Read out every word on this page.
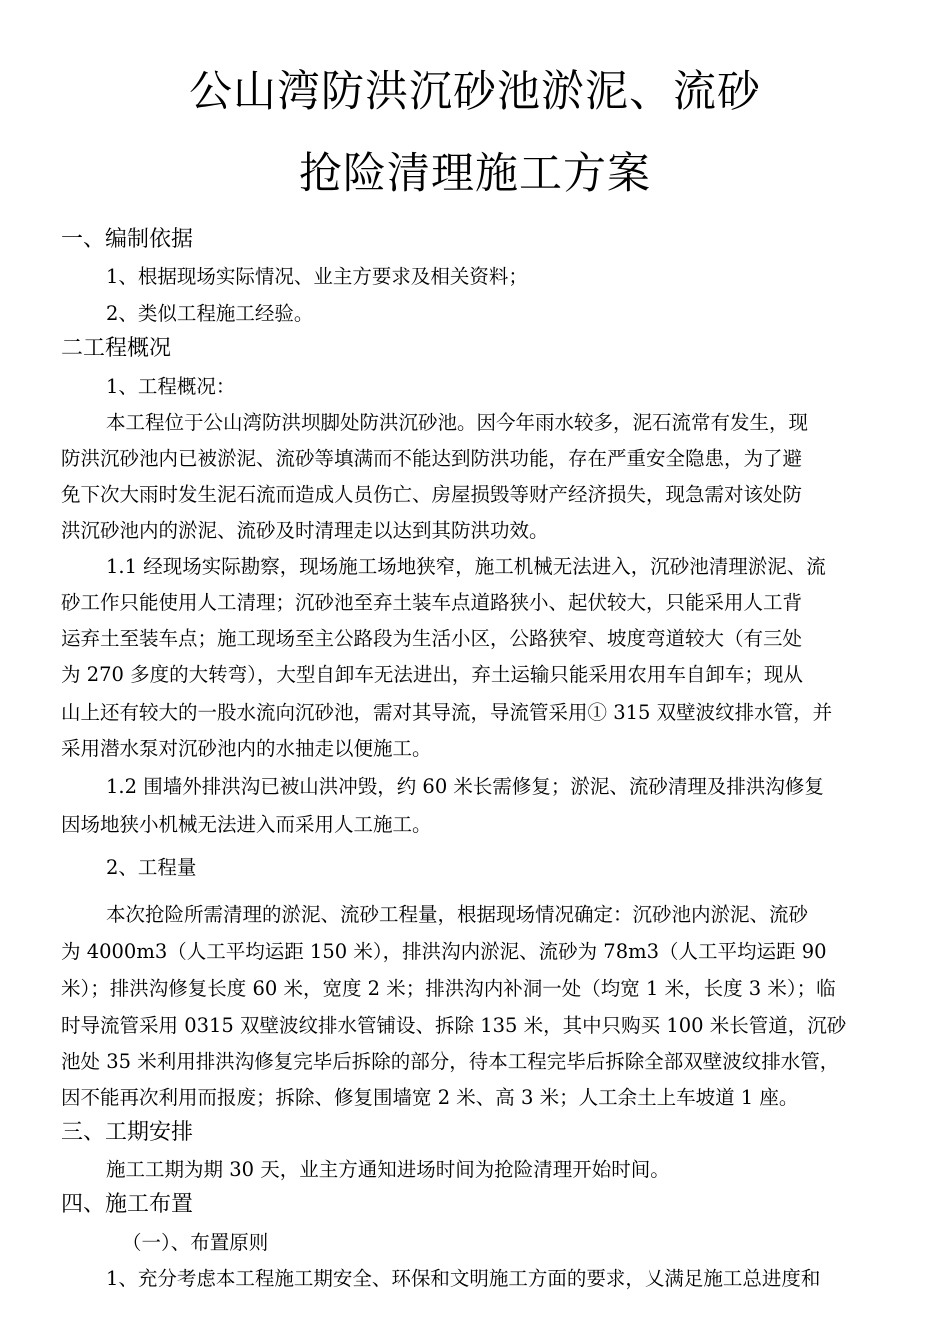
公山湾防洪沉砂池淤泥、流砂
抢险清理施工方案
一、编制依据

1、根据现场实际情况、业主方要求及相关资料；

2、类似工程施工经验。

二工程概况

1、工程概况：

本工程位于公山湾防洪坝脚处防洪沉砂池。因今年雨水较多，泥石流常有发生，现

防洪沉砂池内已被淤泥、流砂等填满而不能达到防洪功能，存在严重安全隐患，为了避

免下次大雨时发生泥石流而造成人员伤亡、房屋损毁等财产经济损失，现急需对该处防

洪沉砂池内的淤泥、流砂及时清理走以达到其防洪功效。

1.1 经现场实际勘察，现场施工场地狭窄，施工机械无法进入，沉砂池清理淤泥、流

砂工作只能使用人工清理；沉砂池至弃土装车点道路狭小、起伏较大，只能采用人工背

运弃土至装车点；施工现场至主公路段为生活小区，公路狭窄、坡度弯道较大（有三处

为 270 多度的大转弯），大型自卸车无法进出，弃土运输只能采用农用车自卸车；现从

山上还有较大的一股水流向沉砂池，需对其导流，导流管采用① 315 双壁波纹排水管，并

采用潜水泵对沉砂池内的水抽走以便施工。

1.2 围墙外排洪沟已被山洪冲毁，约 60 米长需修复；淤泥、流砂清理及排洪沟修复

因场地狭小机械无法进入而采用人工施工。

2、工程量

本次抢险所需清理的淤泥、流砂工程量，根据现场情况确定：沉砂池内淤泥、流砂

为 4000m3（人工平均运距 150 米），排洪沟内淤泥、流砂为 78m3（人工平均运距 90

米）；排洪沟修复长度 60 米，宽度 2 米；排洪沟内补洞一处（均宽 1 米，长度 3 米）；临

时导流管采用 0315 双壁波纹排水管铺设、拆除 135 米，其中只购买 100 米长管道，沉砂

池处 35 米利用排洪沟修复完毕后拆除的部分，待本工程完毕后拆除全部双壁波纹排水管，

因不能再次利用而报废；拆除、修复围墙宽 2 米、高 3 米；人工余土上车坡道 1 座。

三、工期安排

施工工期为期 30 天，业主方通知进场时间为抢险清理开始时间。

四、施工布置

（一）、布置原则

1、充分考虑本工程施工期安全、环保和文明施工方面的要求，乂满足施工总进度和
